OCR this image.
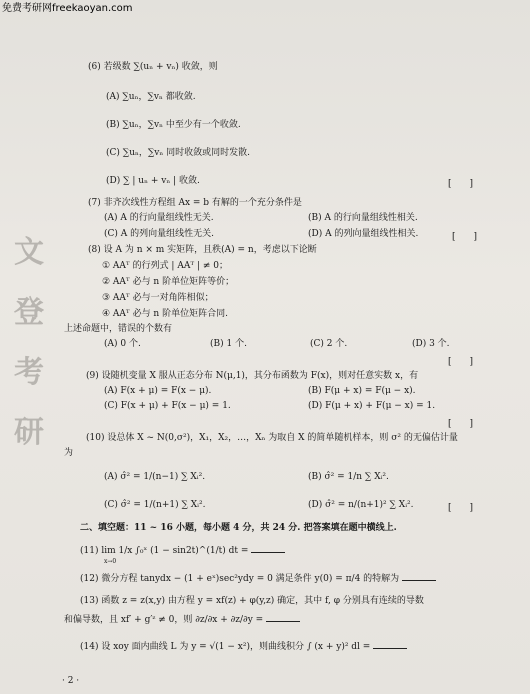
免费考研网freekaoyan.com
文
登
考
研
(6) 若级数 ∑(uₙ + vₙ) 收敛，则
(A) ∑uₙ，∑vₙ 都收敛.
(B) ∑uₙ，∑vₙ 中至少有一个收敛.
(C) ∑uₙ，∑vₙ 同时收敛或同时发散.
(D) ∑ | uₙ + vₙ | 收敛.	[　　]
(7) 非齐次线性方程组 Ax = b 有解的一个充分条件是
(A) A 的行向量组线性无关.	(B) A 的行向量组线性相关.
(C) A 的列向量组线性无关.	(D) A 的列向量组线性相关.	[　　]
(8) 设 A 为 n × m 实矩阵，且秩(A) = n，考虑以下论断
① AAᵀ 的行列式 | AAᵀ | ≠ 0；
② AAᵀ 必与 n 阶单位矩阵等价；
③ AAᵀ 必与一对角阵相似；
④ AAᵀ 必与 n 阶单位矩阵合同.
上述命题中，错误的个数有
(A) 0 个.	(B) 1 个.	(C) 2 个.	(D) 3 个.
[　　]
(9) 设随机变量 X 服从正态分布 N(μ,1)，其分布函数为 F(x)，则对任意实数 x，有
(A) F(x + μ) = F(x − μ).	(B) F(μ + x) = F(μ − x).
(C) F(x + μ) + F(x − μ) = 1.	(D) F(μ + x) + F(μ − x) = 1.
[　　]
(10) 设总体 X ~ N(0,σ²)，X₁，X₂，…，Xₙ 为取自 X 的简单随机样本，则 σ² 的无偏估计量
为
(A) σ̂² = 1/(n−1) ∑ Xᵢ².	(B) σ̂² = 1/n ∑ Xᵢ².
(C) σ̂² = 1/(n+1) ∑ Xᵢ².	(D) σ̂² = n/(n+1)² ∑ Xᵢ².	[　　]
二、填空题：11 ~ 16 小题，每小题 4 分，共 24 分. 把答案填在题中横线上.
(11) lim 1/x ∫₀ˣ (1 − sin2t)^(1/t) dt =
x→0
(12) 微分方程 tanydx − (1 + eˣ)sec²ydy = 0 满足条件 y(0) = π/4 的特解为
(13) 函数 z = z(x,y) 由方程 y = xf(z) + φ(y,z) 确定，其中 f, φ 分别具有连续的导数
和偏导数，且 xf′ + g′ᶻ ≠ 0，则 ∂z/∂x + ∂z/∂y =
(14) 设 xoy 面内曲线 L 为 y = √(1 − x²)，则曲线积分 ∫ (x + y)² dl =
· 2 ·
